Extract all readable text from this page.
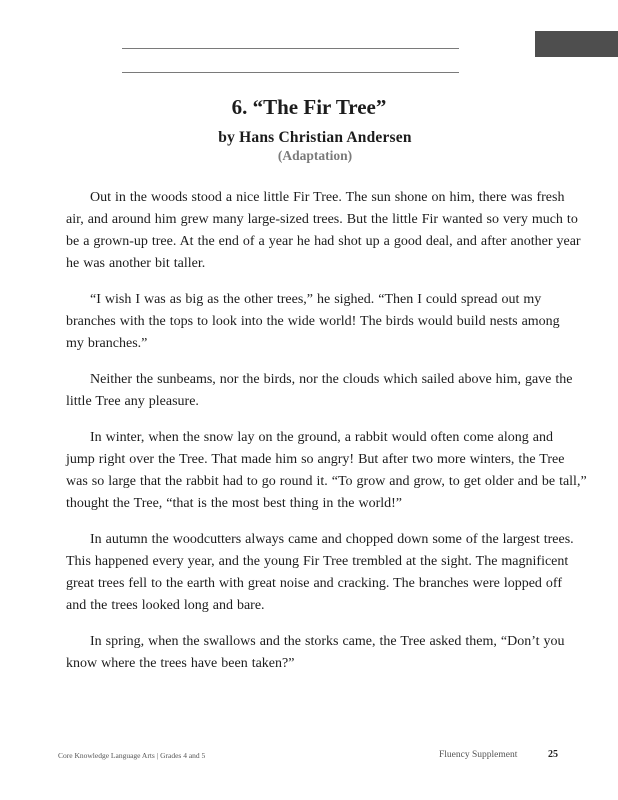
6. “The Fir Tree”
by Hans Christian Andersen
(Adaptation)

Out in the woods stood a nice little Fir Tree. The sun shone on him, there was fresh
air, and around him grew many large-sized trees. But the little Fir wanted so very much to
be a grown-up tree. At the end of a year he had shot up a good deal, and after another year
he was another bit taller.

“I wish I was as big as the other trees,” he sighed. “Then I could spread out my
branches with the tops to look into the wide world! The birds would build nests among
my branches.”

Neither the sunbeams, nor the birds, nor the clouds which sailed above him, gave the
little Tree any pleasure.

In winter, when the snow lay on the ground, a rabbit would often come along and
jump right over the Tree. That made him so angry! But after two more winters, the Tree
was so large that the rabbit had to go round it. “To grow and grow, to get older and be tall,”
thought the Tree, “that is the most best thing in the world!”

In autumn the woodcutters always came and chopped down some of the largest trees.
This happened every year, and the young Fir Tree trembled at the sight. The magnificent
great trees fell to the earth with great noise and cracking. The branches were lopped off
and the trees looked long and bare.

In spring, when the swallows and the storks came, the Tree asked them, “Don’t you
know where the trees have been taken?”

Core Knowledge Language Arts | Grades 4 and 5	Fluency Supplement	25
